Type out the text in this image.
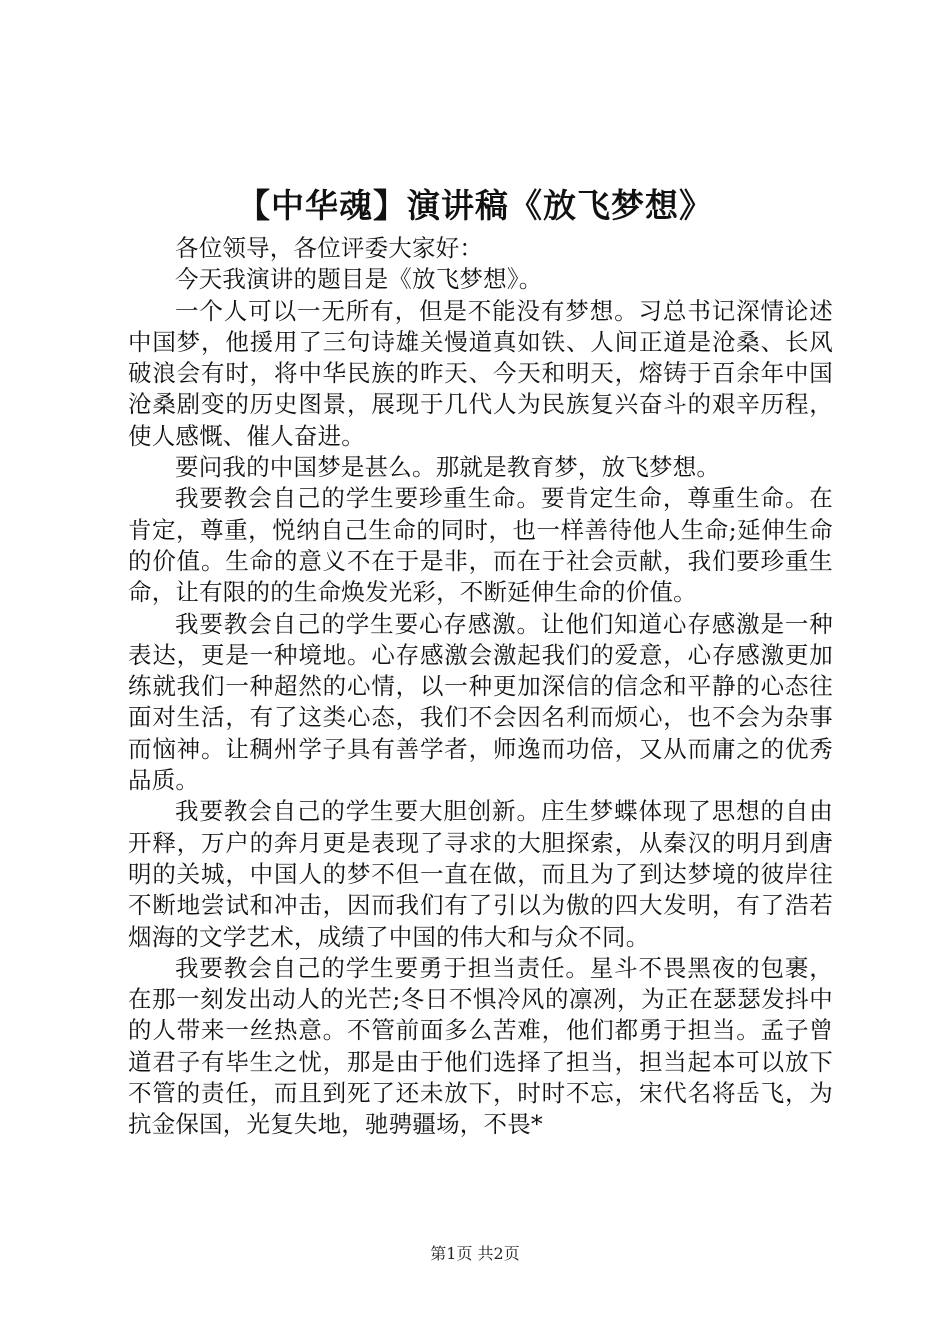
【中华魂】演讲稿《放飞梦想》

各位领导，各位评委大家好：

今天我演讲的题目是《放飞梦想》。

一个人可以一无所有，但是不能没有梦想。习总书记深情论述中国梦，他援用了三句诗雄关慢道真如铁、人间正道是沧桑、长风破浪会有时，将中华民族的昨天、今天和明天，熔铸于百余年中国沧桑剧变的历史图景，展现于几代人为民族复兴奋斗的艰辛历程，使人感慨、催人奋进。

要问我的中国梦是甚么。那就是教育梦，放飞梦想。

我要教会自己的学生要珍重生命。要肯定生命，尊重生命。在肯定，尊重，悦纳自己生命的同时，也一样善待他人生命;延伸生命的价值。生命的意义不在于是非，而在于社会贡献，我们要珍重生命，让有限的的生命焕发光彩，不断延伸生命的价值。

我要教会自己的学生要心存感激。让他们知道心存感激是一种表达，更是一种境地。心存感激会激起我们的爱意，心存感激更加练就我们一种超然的心情，以一种更加深信的信念和平静的心态往面对生活，有了这类心态，我们不会因名利而烦心，也不会为杂事而恼神。让稠州学子具有善学者，师逸而功倍，又从而庸之的优秀品质。

我要教会自己的学生要大胆创新。庄生梦蝶体现了思想的自由开释，万户的奔月更是表现了寻求的大胆探索，从秦汉的明月到唐明的关城，中国人的梦不但一直在做，而且为了到达梦境的彼岸往不断地尝试和冲击，因而我们有了引以为傲的四大发明，有了浩若烟海的文学艺术，成绩了中国的伟大和与众不同。

我要教会自己的学生要勇于担当责任。星斗不畏黑夜的包裹，在那一刻发出动人的光芒;冬日不惧冷风的凛冽，为正在瑟瑟发抖中的人带来一丝热意。不管前面多么苦难，他们都勇于担当。孟子曾道君子有毕生之忧，那是由于他们选择了担当，担当起本可以放下不管的责任，而且到死了还未放下，时时不忘，宋代名将岳飞，为抗金保国，光复失地，驰骋疆场，不畏*

第1页 共2页
